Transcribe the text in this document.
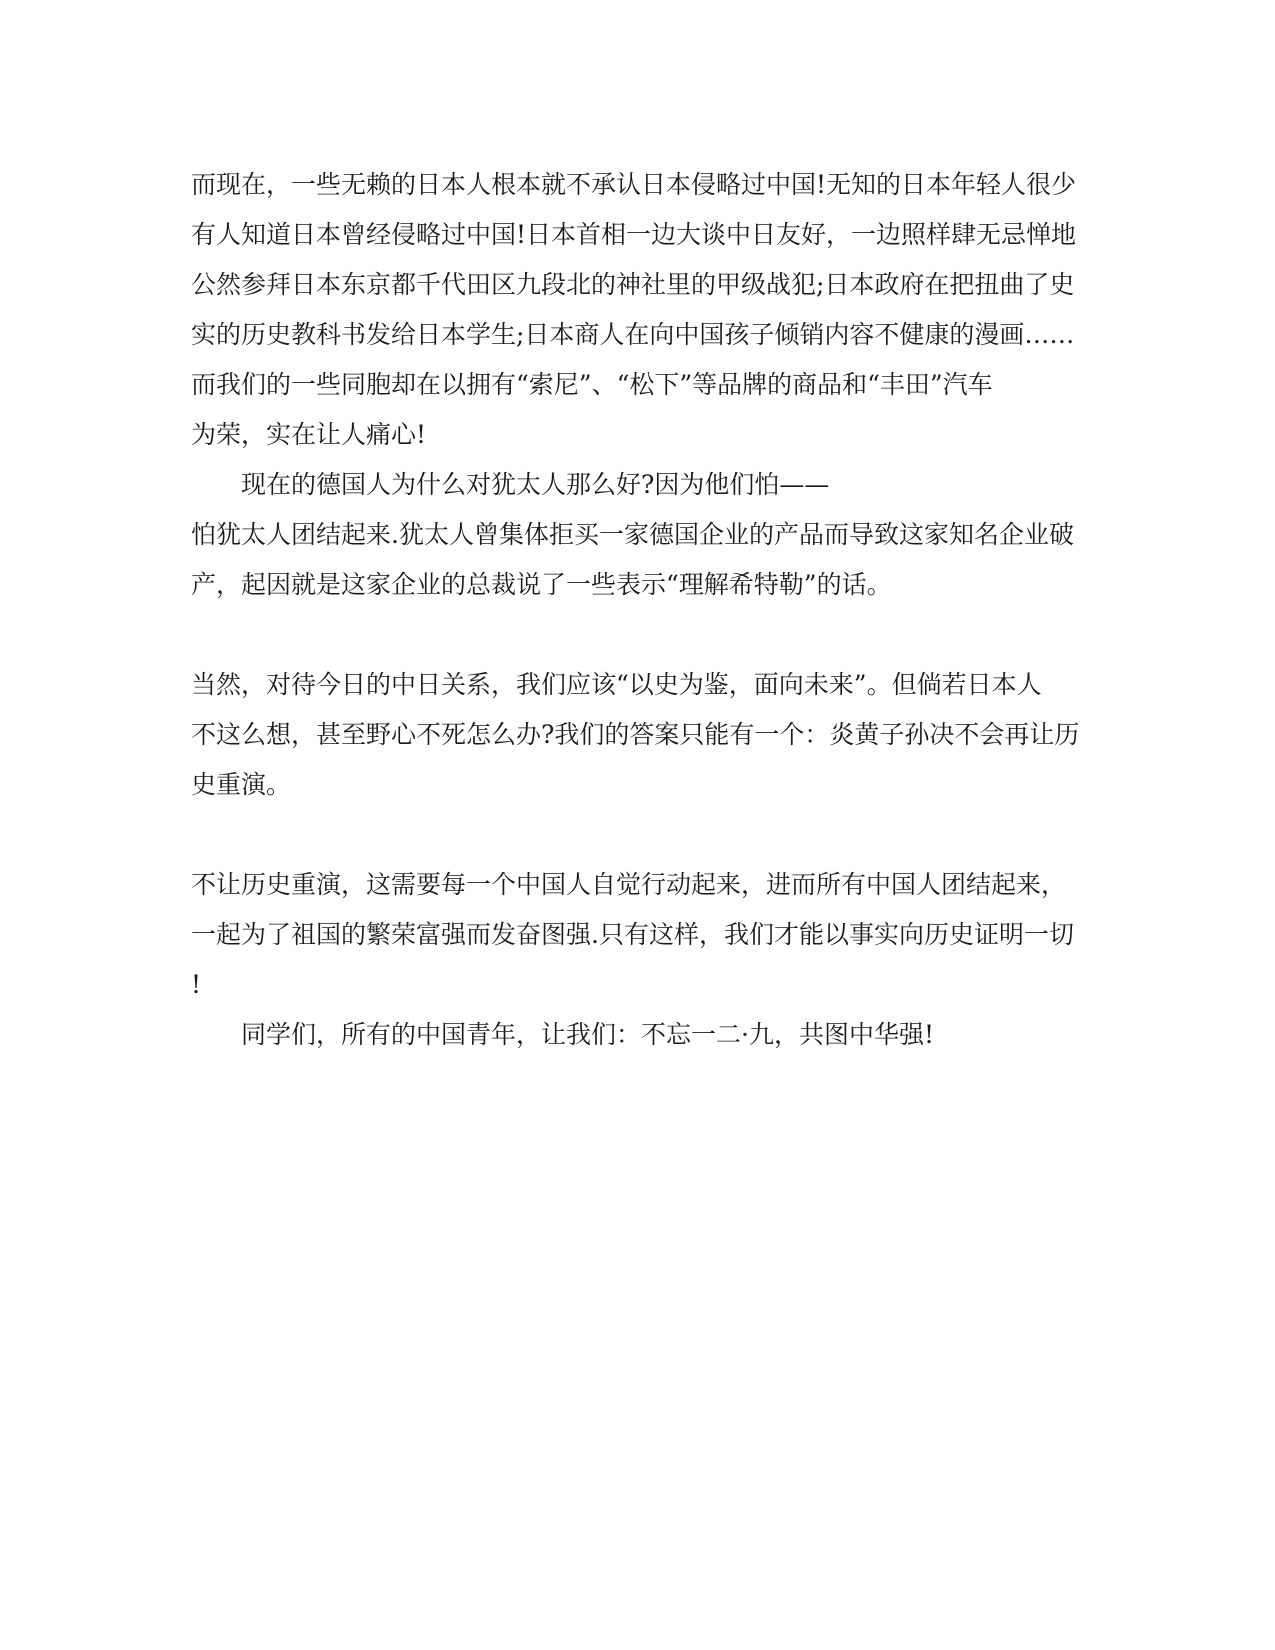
而现在，一些无赖的日本人根本就不承认日本侵略过中国!无知的日本年轻人很少
有人知道日本曾经侵略过中国!日本首相一边大谈中日友好，一边照样肆无忌惮地
公然参拜日本东京都千代田区九段北的神社里的甲级战犯;日本政府在把扭曲了史
实的历史教科书发给日本学生;日本商人在向中国孩子倾销内容不健康的漫画……
而我们的一些同胞却在以拥有“索尼”、“松下”等品牌的商品和“丰田”汽车
为荣，实在让人痛心!
现在的德国人为什么对犹太人那么好?因为他们怕——
怕犹太人团结起来.犹太人曾集体拒买一家德国企业的产品而导致这家知名企业破
产，起因就是这家企业的总裁说了一些表示“理解希特勒”的话。
当然，对待今日的中日关系，我们应该“以史为鉴，面向未来”。但倘若日本人
不这么想，甚至野心不死怎么办?我们的答案只能有一个：炎黄子孙决不会再让历
史重演。
不让历史重演，这需要每一个中国人自觉行动起来，进而所有中国人团结起来，
一起为了祖国的繁荣富强而发奋图强.只有这样，我们才能以事实向历史证明一切
!
同学们，所有的中国青年，让我们：不忘一二·九，共图中华强!
